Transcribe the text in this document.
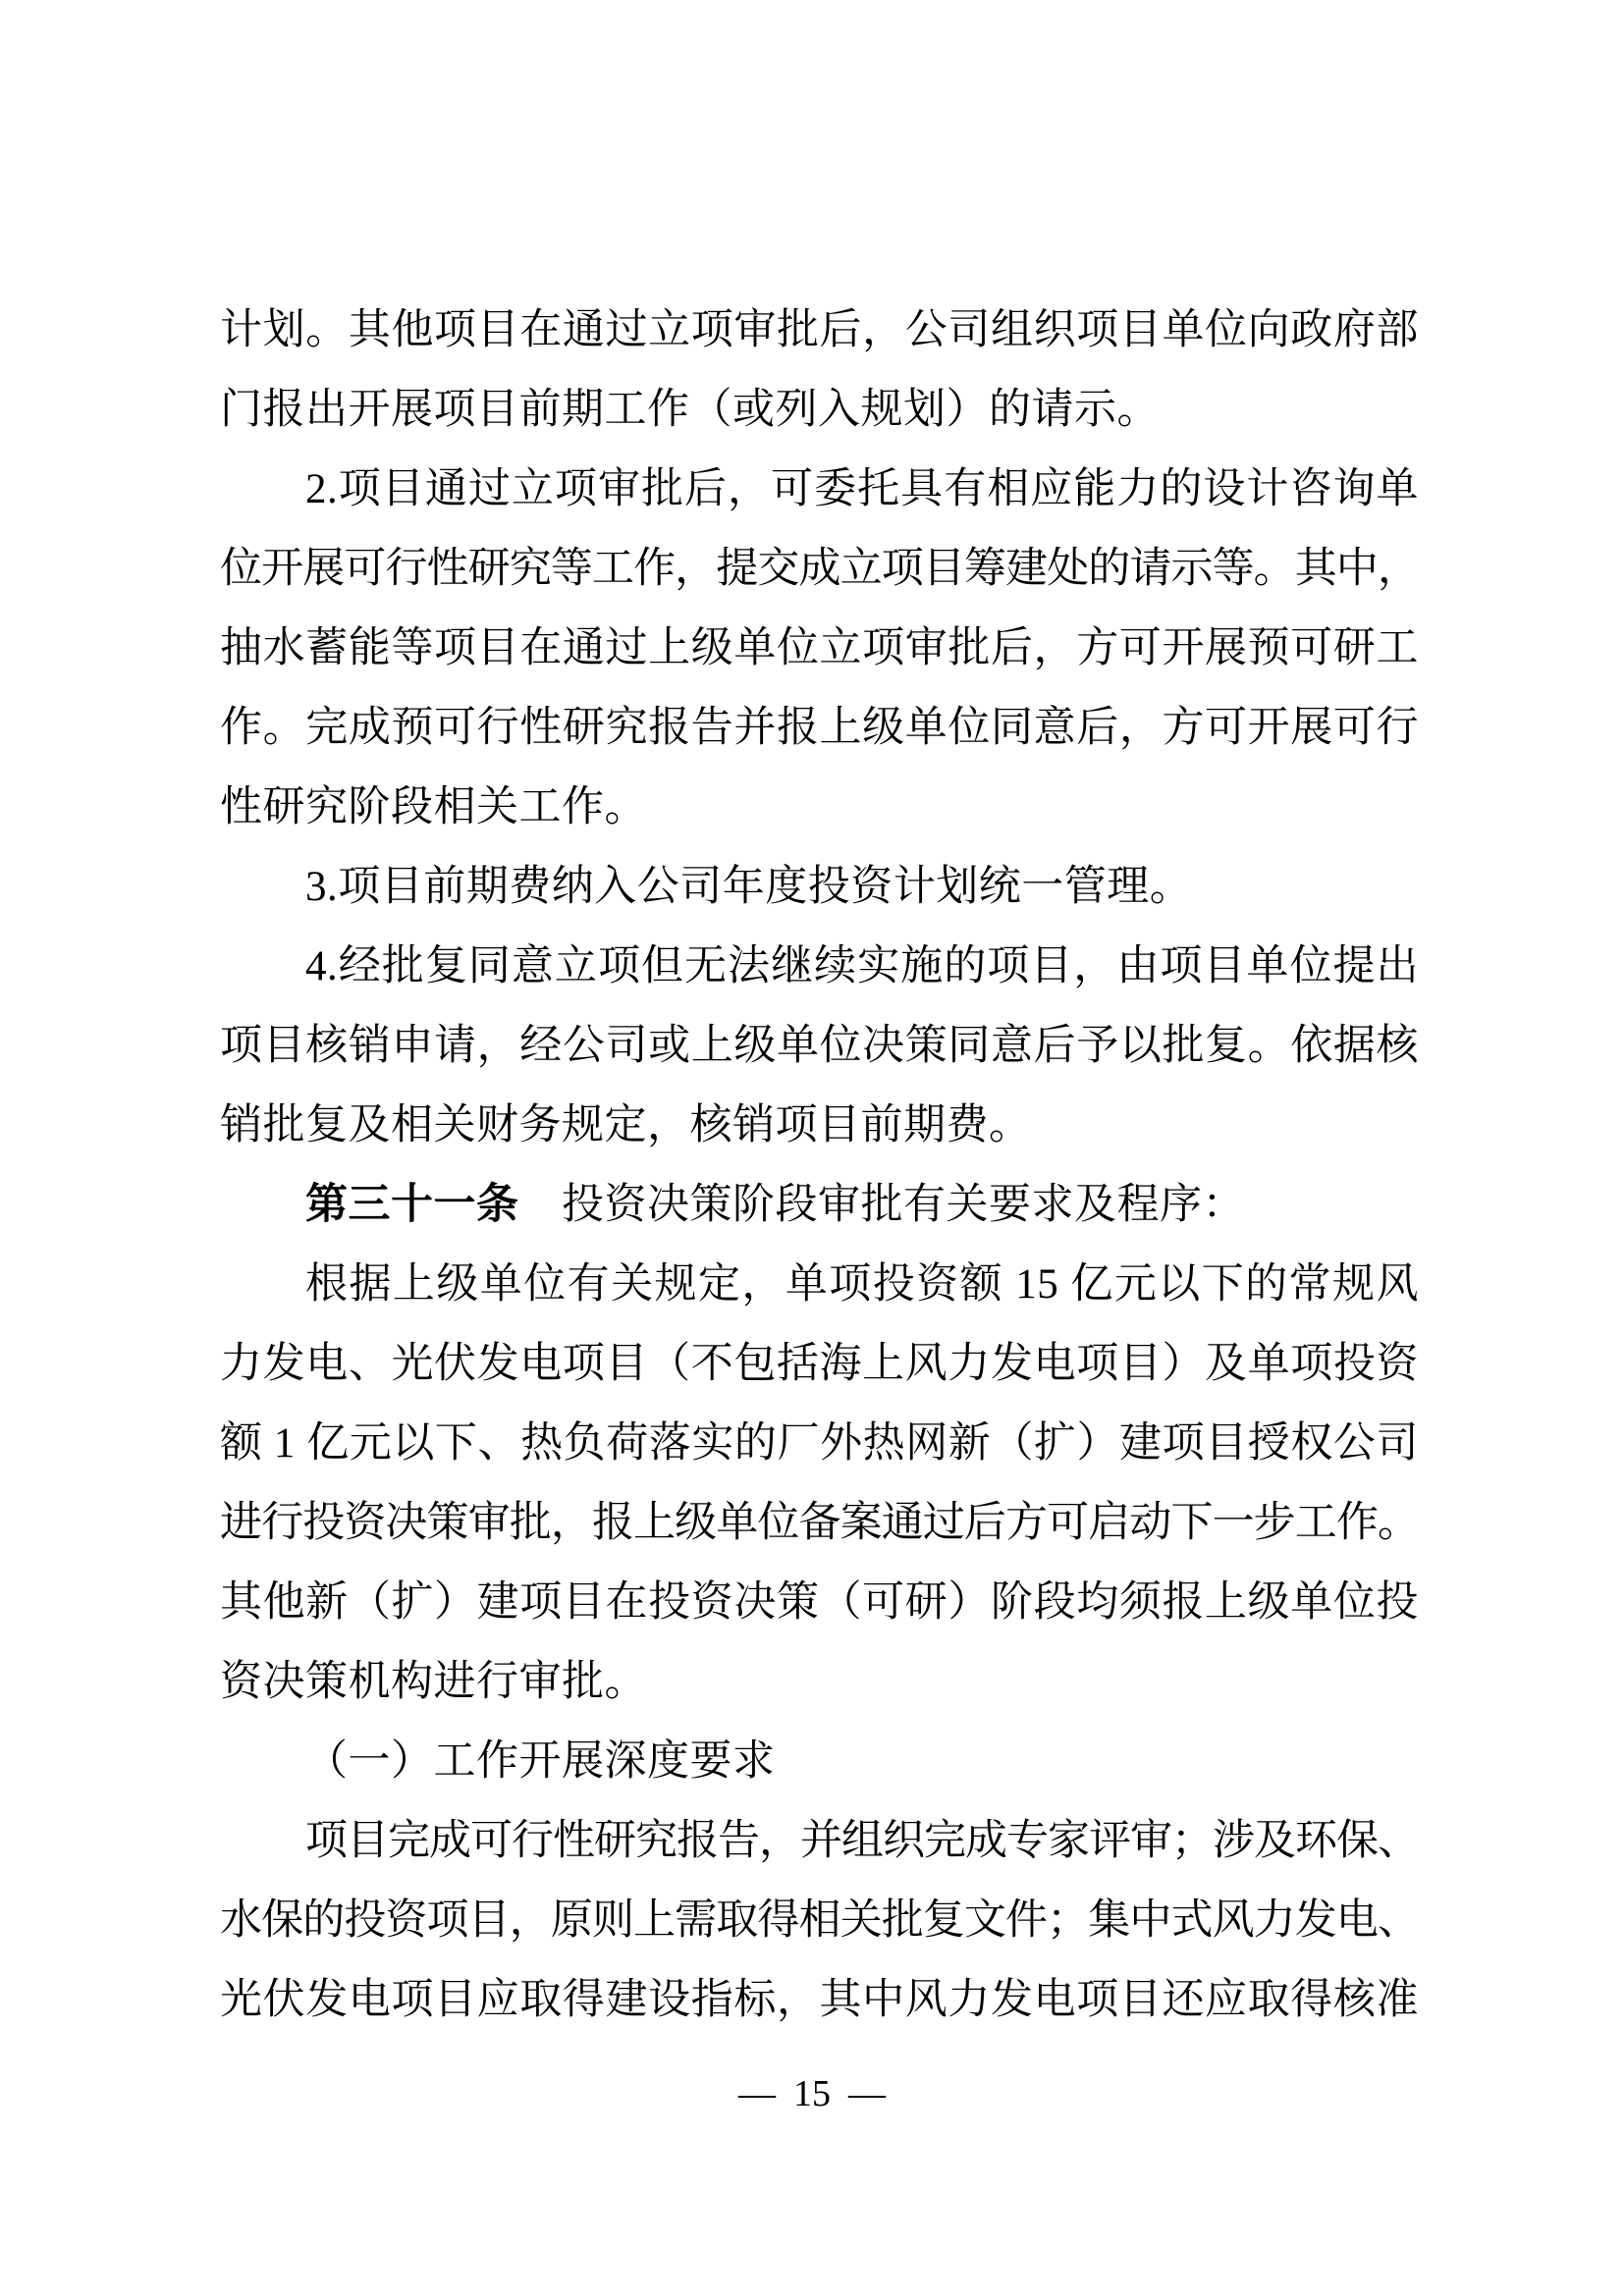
计划。其他项目在通过立项审批后，公司组织项目单位向政府部
门报出开展项目前期工作（或列入规划）的请示。
2.项目通过立项审批后，可委托具有相应能力的设计咨询单
位开展可行性研究等工作，提交成立项目筹建处的请示等。其中，
抽水蓄能等项目在通过上级单位立项审批后，方可开展预可研工
作。完成预可行性研究报告并报上级单位同意后，方可开展可行
性研究阶段相关工作。
3.项目前期费纳入公司年度投资计划统一管理。
4.经批复同意立项但无法继续实施的项目，由项目单位提出
项目核销申请，经公司或上级单位决策同意后予以批复。依据核
销批复及相关财务规定，核销项目前期费。
第三十一条　投资决策阶段审批有关要求及程序：
根据上级单位有关规定，单项投资额 15 亿元以下的常规风
力发电、光伏发电项目（不包括海上风力发电项目）及单项投资
额 1 亿元以下、热负荷落实的厂外热网新（扩）建项目授权公司
进行投资决策审批，报上级单位备案通过后方可启动下一步工作。
其他新（扩）建项目在投资决策（可研）阶段均须报上级单位投
资决策机构进行审批。
（一）工作开展深度要求
项目完成可行性研究报告，并组织完成专家评审；涉及环保、
水保的投资项目，原则上需取得相关批复文件；集中式风力发电、
光伏发电项目应取得建设指标，其中风力发电项目还应取得核准
— 15 —
